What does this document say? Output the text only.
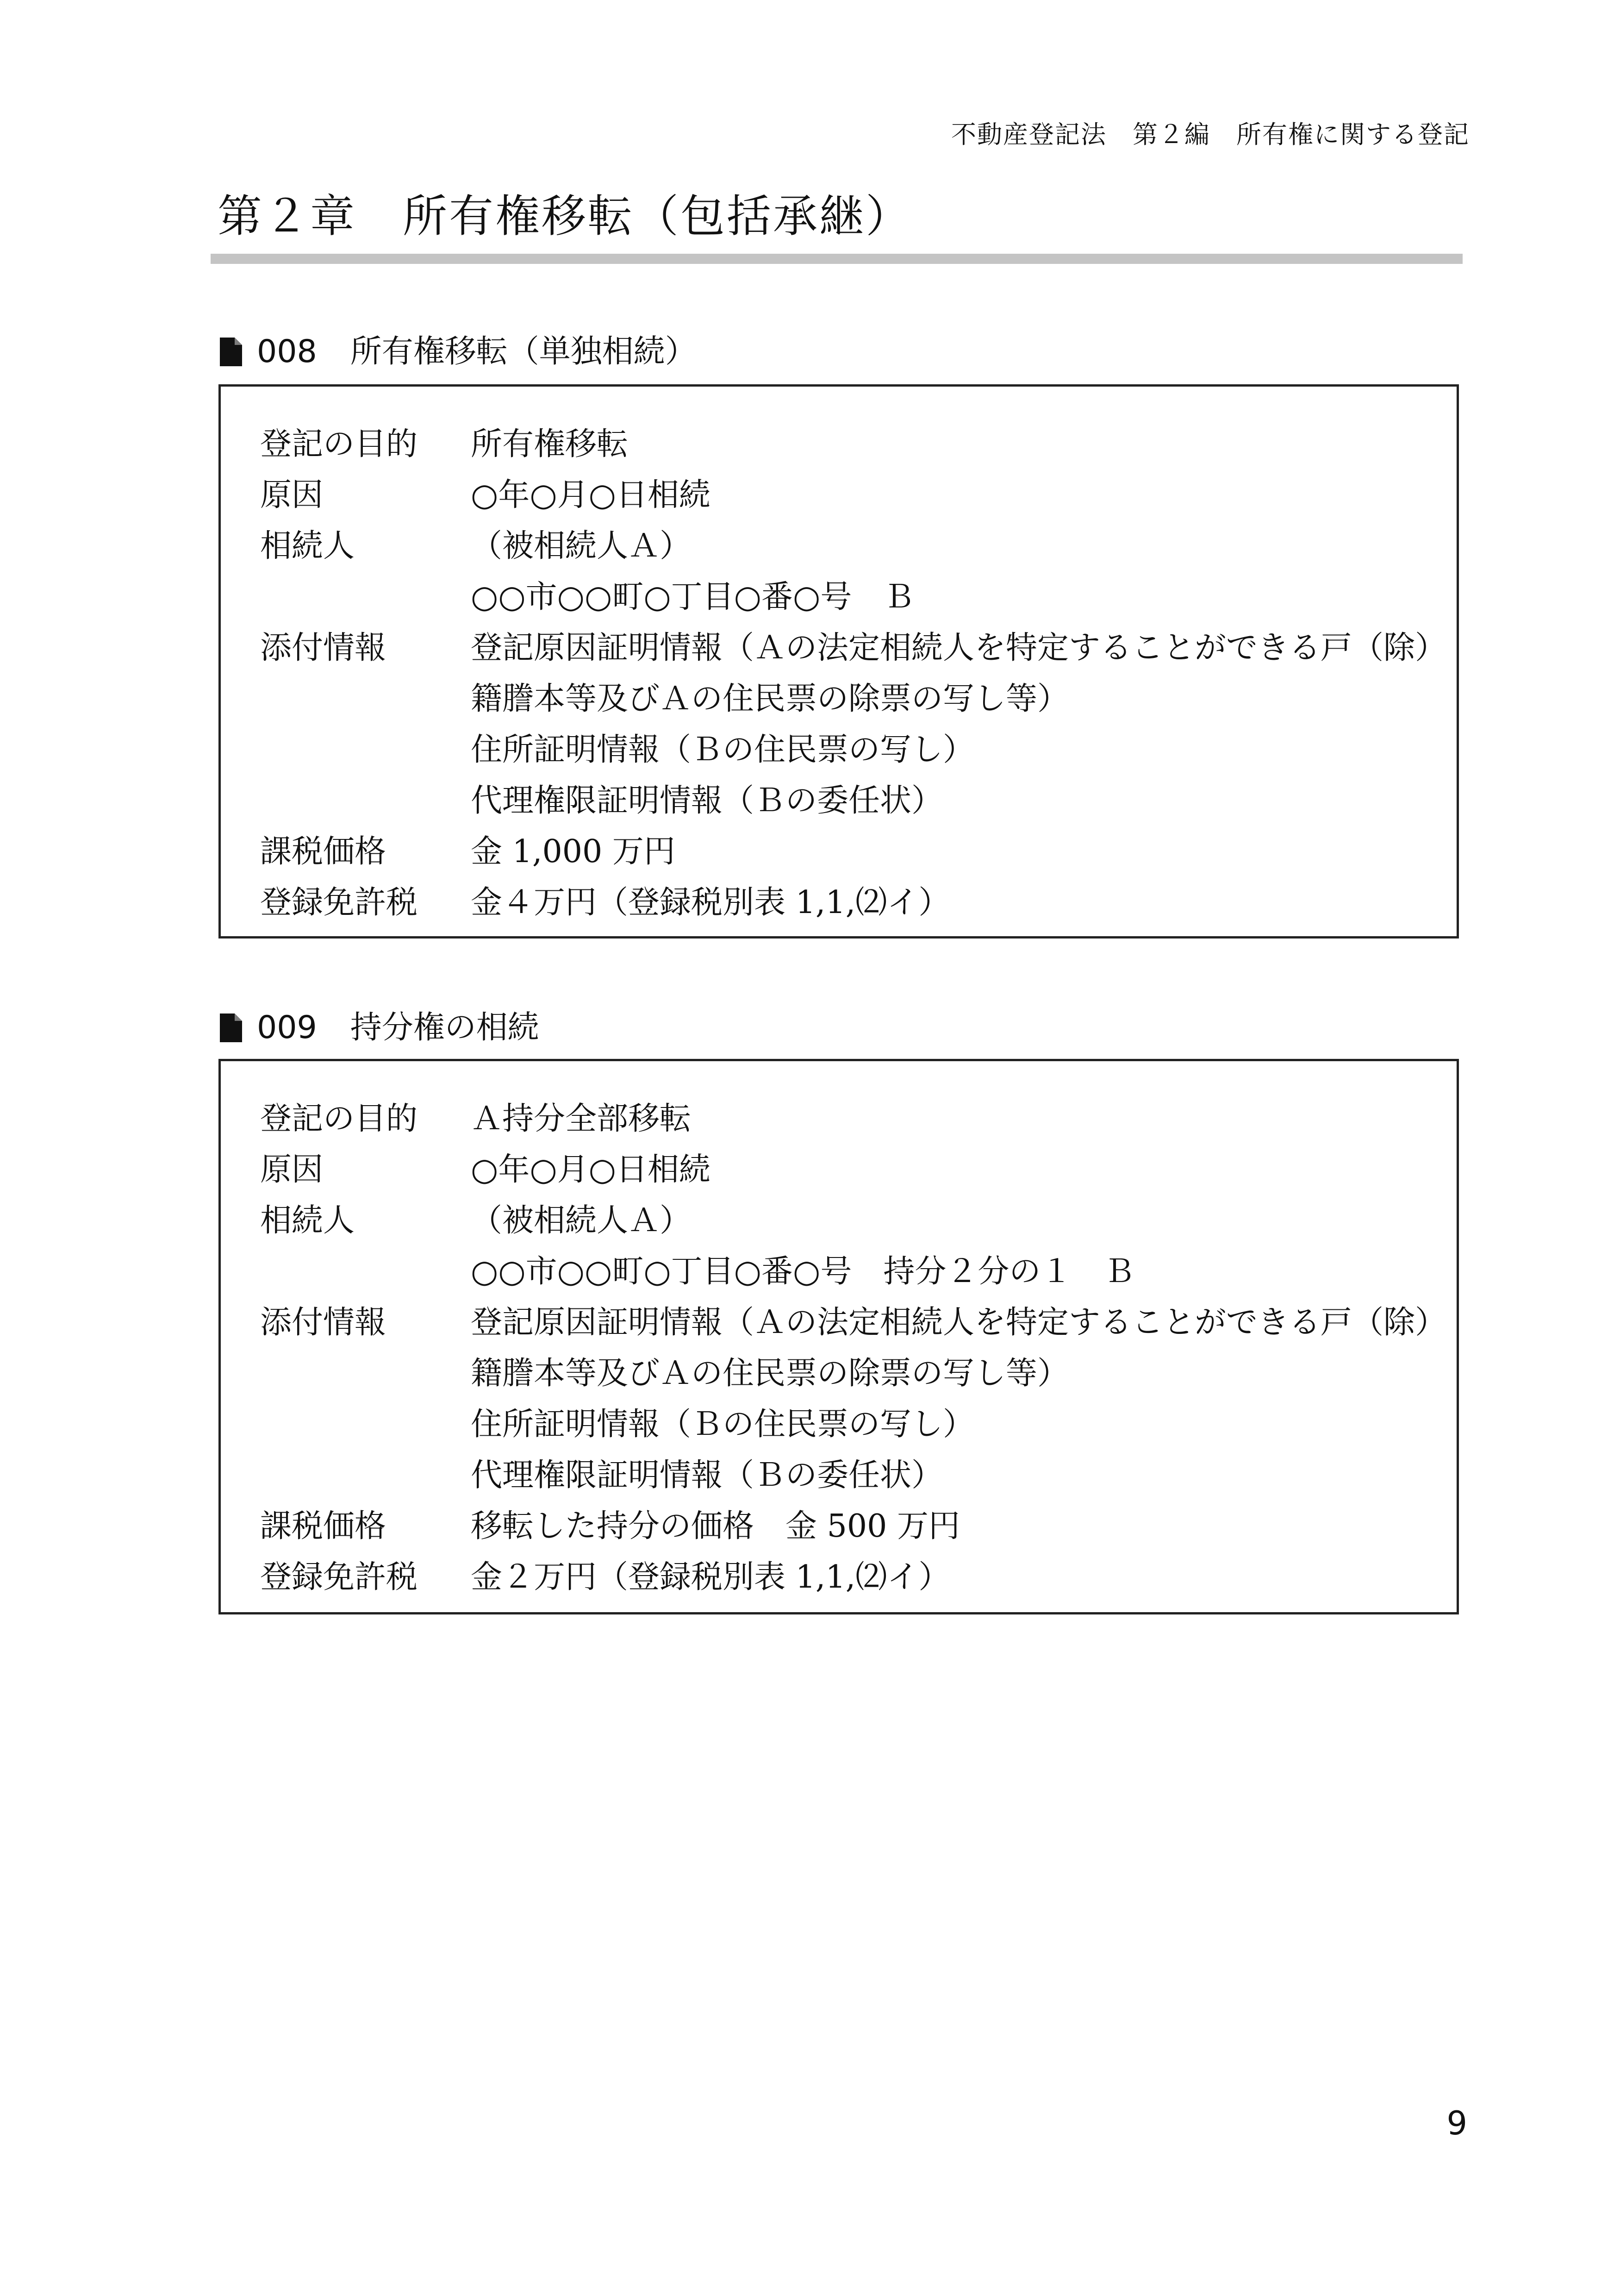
不動産登記法　第２編　所有権に関する登記
第２章　所有権移転（包括承継）
008 所有権移転（単独相続）
登記の目的	所有権移転
原因	○年○月○日相続
相続人	（被相続人Ａ）
○○市○○町○丁目○番○号　Ｂ
添付情報	登記原因証明情報（Ａの法定相続人を特定することができる戸（除）
籍謄本等及びＡの住民票の除票の写し等）
住所証明情報（Ｂの住民票の写し）
代理権限証明情報（Ｂの委任状）
課税価格	金 1,000 万円
登録免許税	金４万円（登録税別表 1,1,⑵イ）
009 持分権の相続
登記の目的	Ａ持分全部移転
原因	○年○月○日相続
相続人	（被相続人Ａ）
○○市○○町○丁目○番○号　持分２分の１　Ｂ
添付情報	登記原因証明情報（Ａの法定相続人を特定することができる戸（除）
籍謄本等及びＡの住民票の除票の写し等）
住所証明情報（Ｂの住民票の写し）
代理権限証明情報（Ｂの委任状）
課税価格	移転した持分の価格　金 500 万円
登録免許税	金２万円（登録税別表 1,1,⑵イ）
9
